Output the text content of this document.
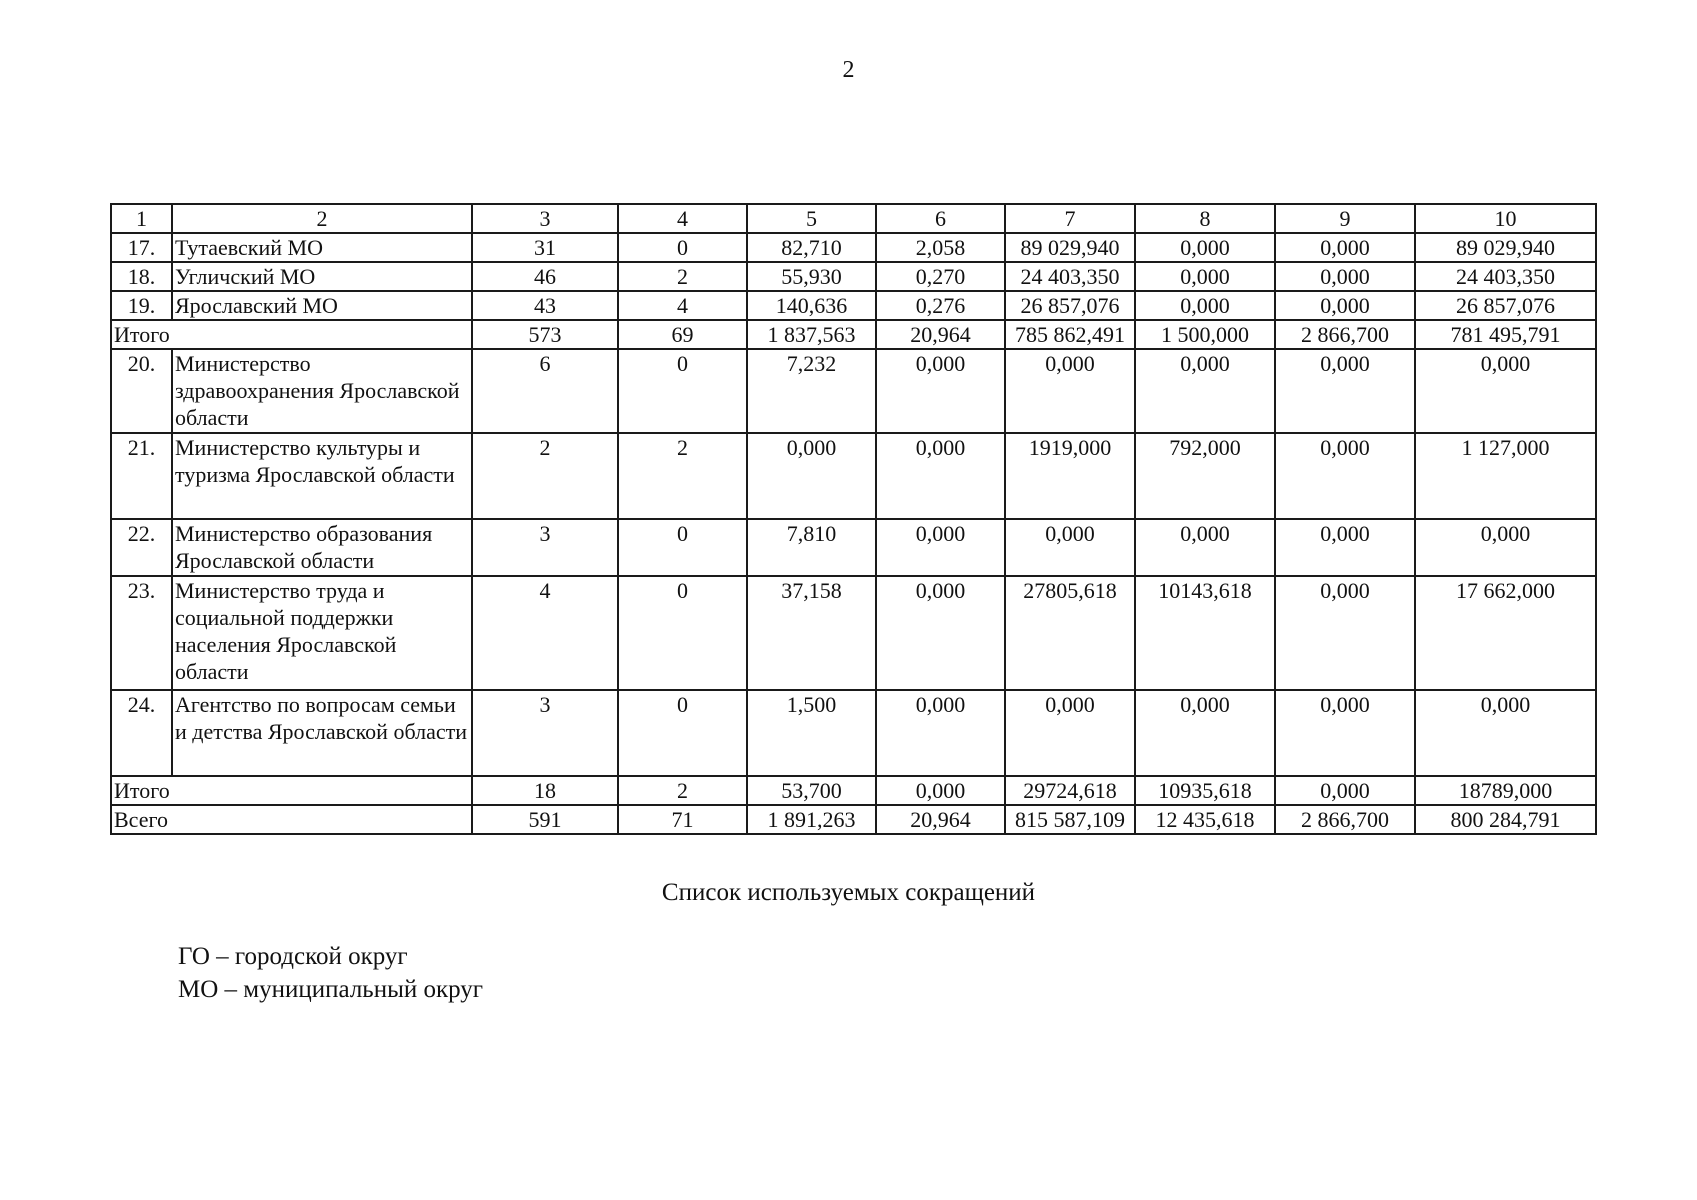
2
1	2	3	4	5	6	7	8	9	10
17.	Тутаевский МО	31	0	82,710	2,058	89 029,940	0,000	0,000	89 029,940
18.	Угличский МО	46	2	55,930	0,270	24 403,350	0,000	0,000	24 403,350
19.	Ярославский МО	43	4	140,636	0,276	26 857,076	0,000	0,000	26 857,076
Итого		573	69	1 837,563	20,964	785 862,491	1 500,000	2 866,700	781 495,791
20.	Министерство здравоохранения Ярославской области	6	0	7,232	0,000	0,000	0,000	0,000	0,000
21.	Министерство культуры и туризма Ярославской области	2	2	0,000	0,000	1919,000	792,000	0,000	1 127,000
22.	Министерство образования Ярославской области	3	0	7,810	0,000	0,000	0,000	0,000	0,000
23.	Министерство труда и социальной поддержки населения Ярославской области	4	0	37,158	0,000	27805,618	10143,618	0,000	17 662,000
24.	Агентство по вопросам семьи и детства Ярославской области	3	0	1,500	0,000	0,000	0,000	0,000	0,000
Итого		18	2	53,700	0,000	29724,618	10935,618	0,000	18789,000
Всего		591	71	1 891,263	20,964	815 587,109	12 435,618	2 866,700	800 284,791
Список используемых сокращений
ГО – городской округ
МО – муниципальный округ
